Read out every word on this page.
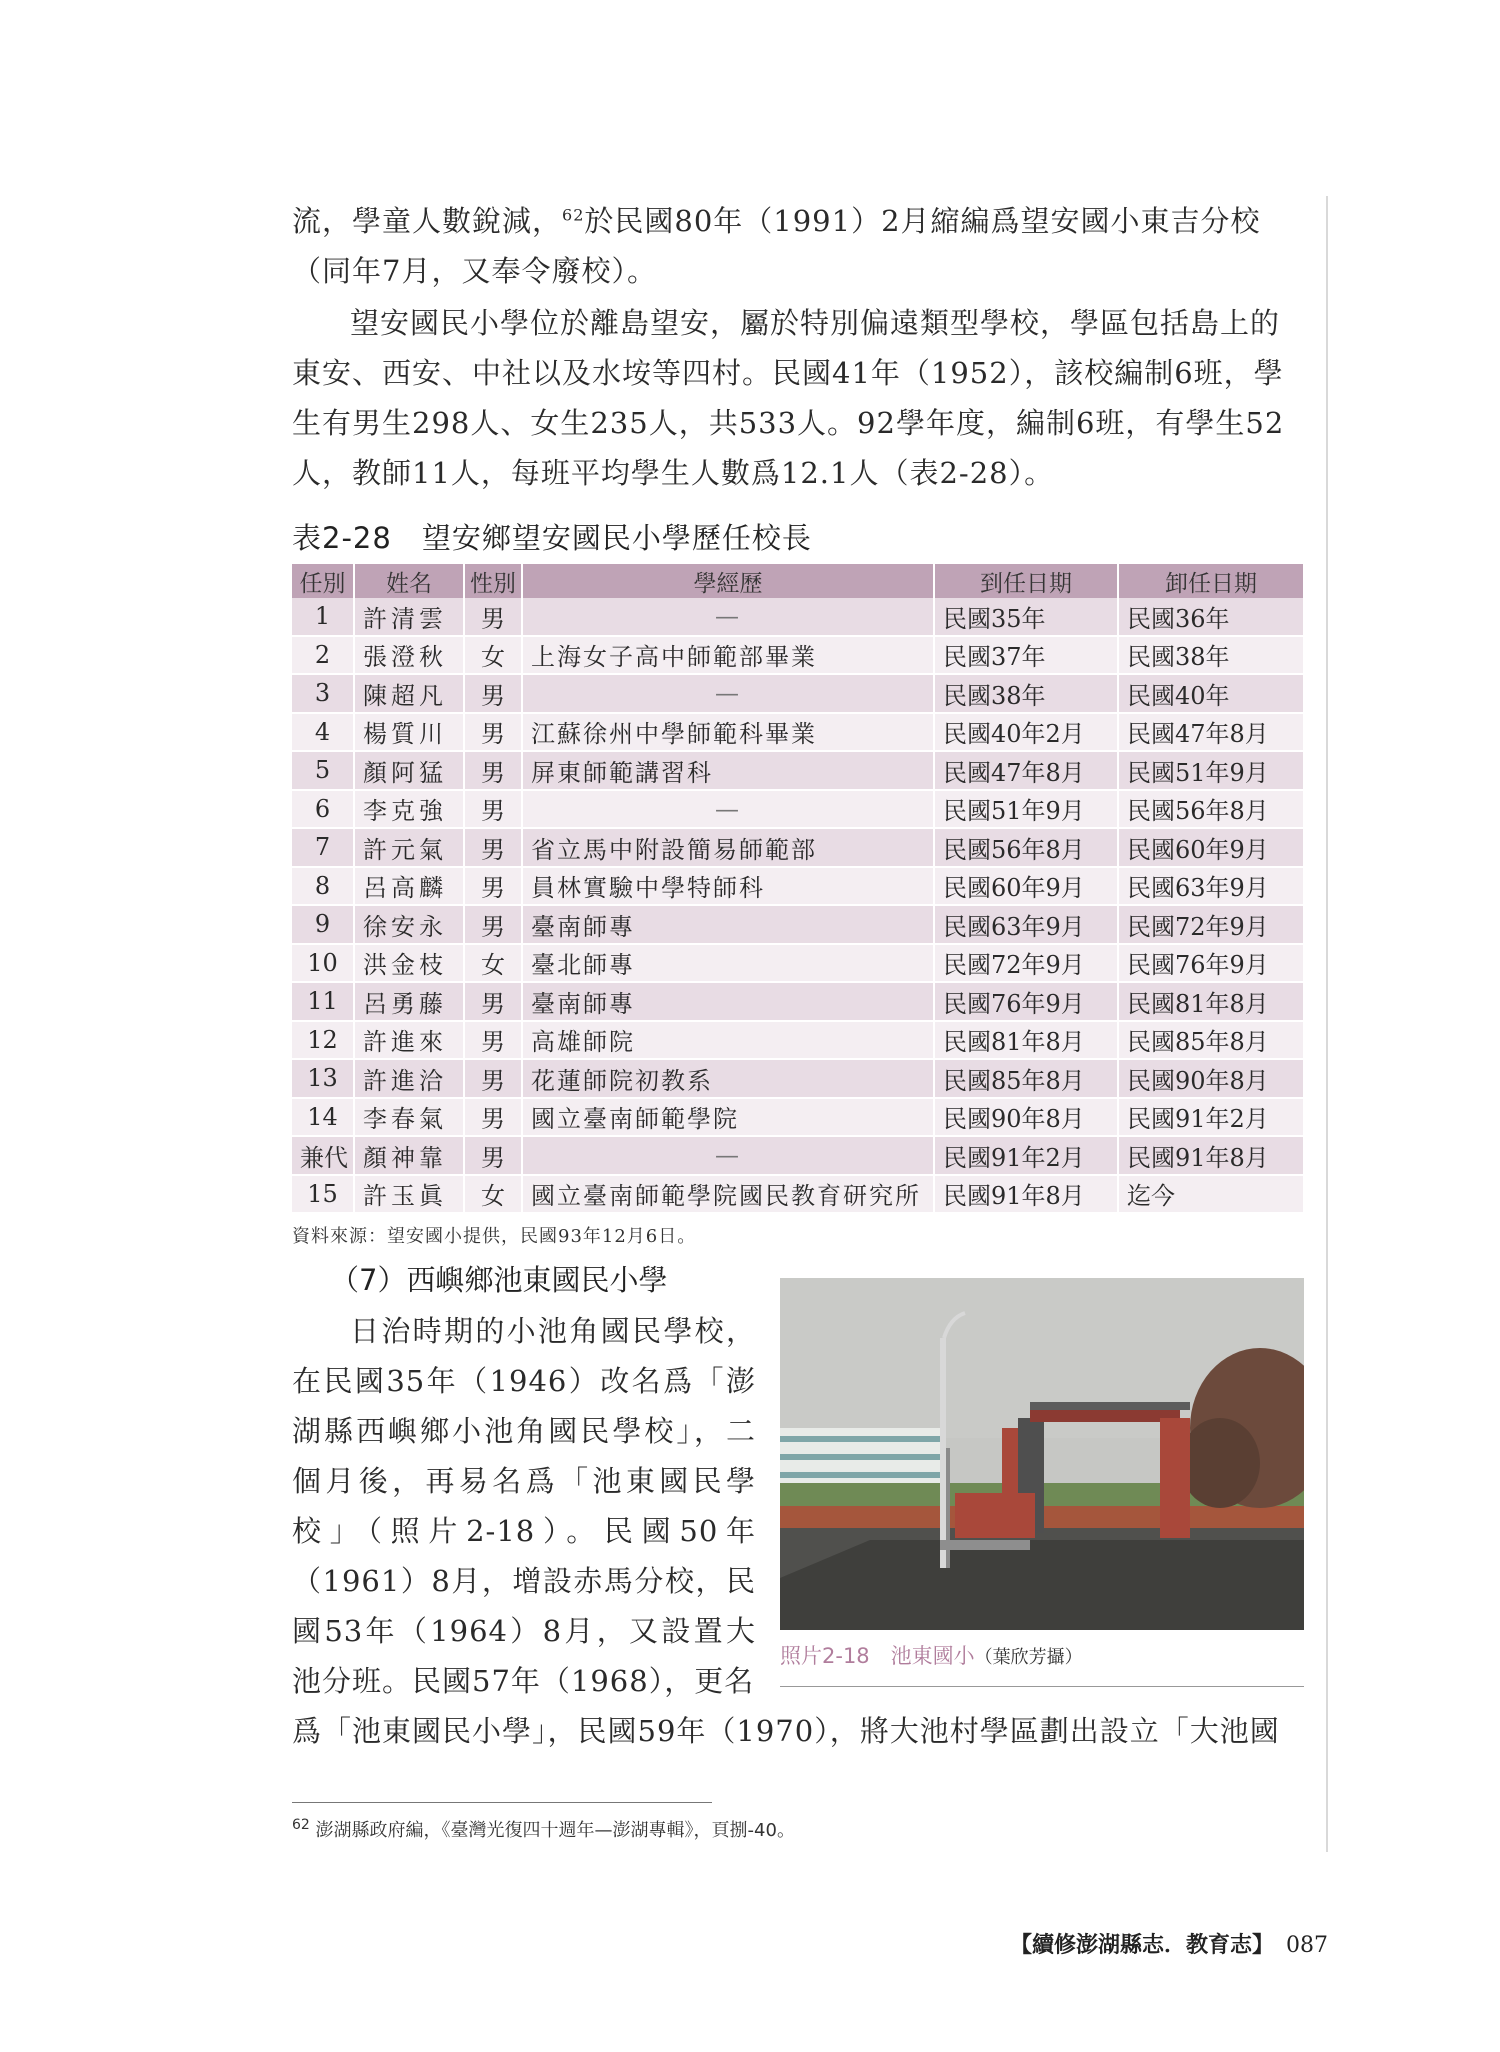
流，學童人數銳減，$^{62}$於民國80年（1991）2月縮編爲望安國小東吉分校（同年7月，又奉令廢校）。

望安國民小學位於離島望安，屬於特別偏遠類型學校，學區包括島上的東安、西安、中社以及水垵等四村。民國41年（1952），該校編制6班，學生有男生298人、女生235人，共533人。92學年度，編制6班，有學生52人，教師11人，每班平均學生人數爲12.1人（表2-28）。

表2-28　望安鄉望安國民小學歷任校長
任別	姓名	性別	學經歷	到任日期	卸任日期
1	許清雲	男	—	民國35年	民國36年
2	張澄秋	女	上海女子高中師範部畢業	民國37年	民國38年
3	陳超凡	男	—	民國38年	民國40年
4	楊質川	男	江蘇徐州中學師範科畢業	民國40年2月	民國47年8月
5	顏阿猛	男	屏東師範講習科	民國47年8月	民國51年9月
6	李克強	男	—	民國51年9月	民國56年8月
7	許元氣	男	省立馬中附設簡易師範部	民國56年8月	民國60年9月
8	呂高麟	男	員林實驗中學特師科	民國60年9月	民國63年9月
9	徐安永	男	臺南師專	民國63年9月	民國72年9月
10	洪金枝	女	臺北師專	民國72年9月	民國76年9月
11	呂勇藤	男	臺南師專	民國76年9月	民國81年8月
12	許進來	男	高雄師院	民國81年8月	民國85年8月
13	許進洽	男	花蓮師院初教系	民國85年8月	民國90年8月
14	李春氣	男	國立臺南師範學院	民國90年8月	民國91年2月
兼代	顏神靠	男	—	民國91年2月	民國91年8月
15	許玉眞	女	國立臺南師範學院國民教育研究所	民國91年8月	迄今
資料來源：望安國小提供，民國93年12月6日。
（7）西嶼鄉池東國民小學

日治時期的小池角國民學校，在民國35年（1946）改名爲「澎湖縣西嶼鄉小池角國民學校」，二個月後，再易名爲「池東國民學校」（照片2-18）。民國50年（1961）8月，增設赤馬分校，民國53年（1964）8月，又設置大池分班。民國57年（1968），更名

照片2-18　池東國小（葉欣芳攝）

爲「池東國民小學」，民國59年（1970），將大池村學區劃出設立「大池國

$^{62}$ 澎湖縣政府編，《臺灣光復四十週年—澎湖專輯》，頁捌-40。
【續修澎湖縣志．教育志】 087
